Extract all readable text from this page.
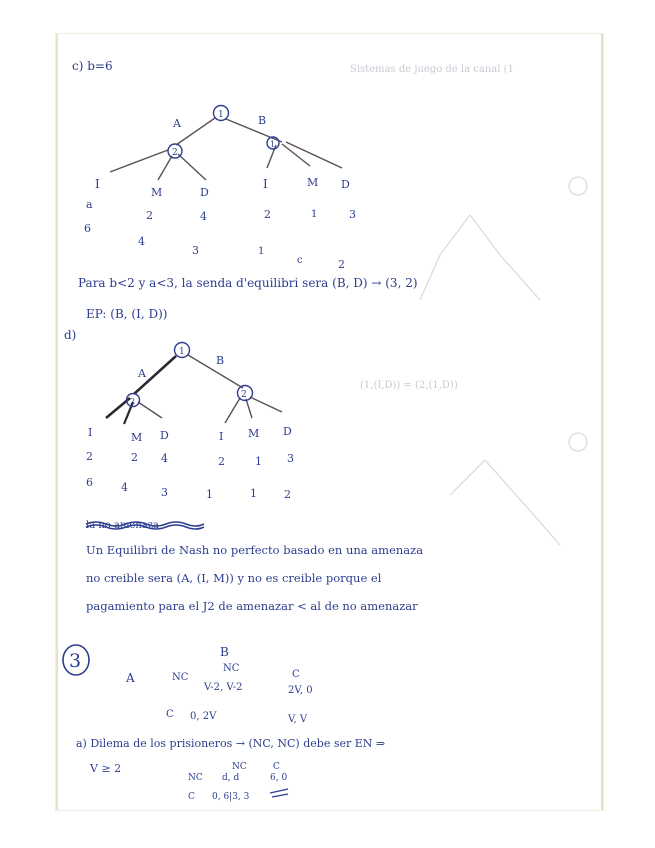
Sistemas de juego de la canal (1
(1,(I,D)) = (2,(1,D))
c) b=6
1
A	B
2
1
I
M	D
I	M D
a
6
2	4	2	1	3
4
3	1
c	2
Para b<2 y a<3, la senda d'equilibri sera (B, D) → (3, 2)
EP: (B, (I, D))
d)
1
A
B
2
2
I	M D	I M D
2	2 4	2	1 3
6	4	3	1	1 2
la no amenaza
Un Equilibri de Nash no perfecto basado en una amenaza
no creible sera (A, (I, M)) y no es creible porque el
pagamiento para el J2 de amenazar < al de no amenazar
3	B
NC
C
A	NC
V-2, V-2	2V, 0
C 0, 2V	V, V
a) Dilema de los prisioneros → (NC, NC) debe ser EN ⇒
V ≥ 2	NC	C
NC d, d	6, 0
C 0, 6|3, 3
